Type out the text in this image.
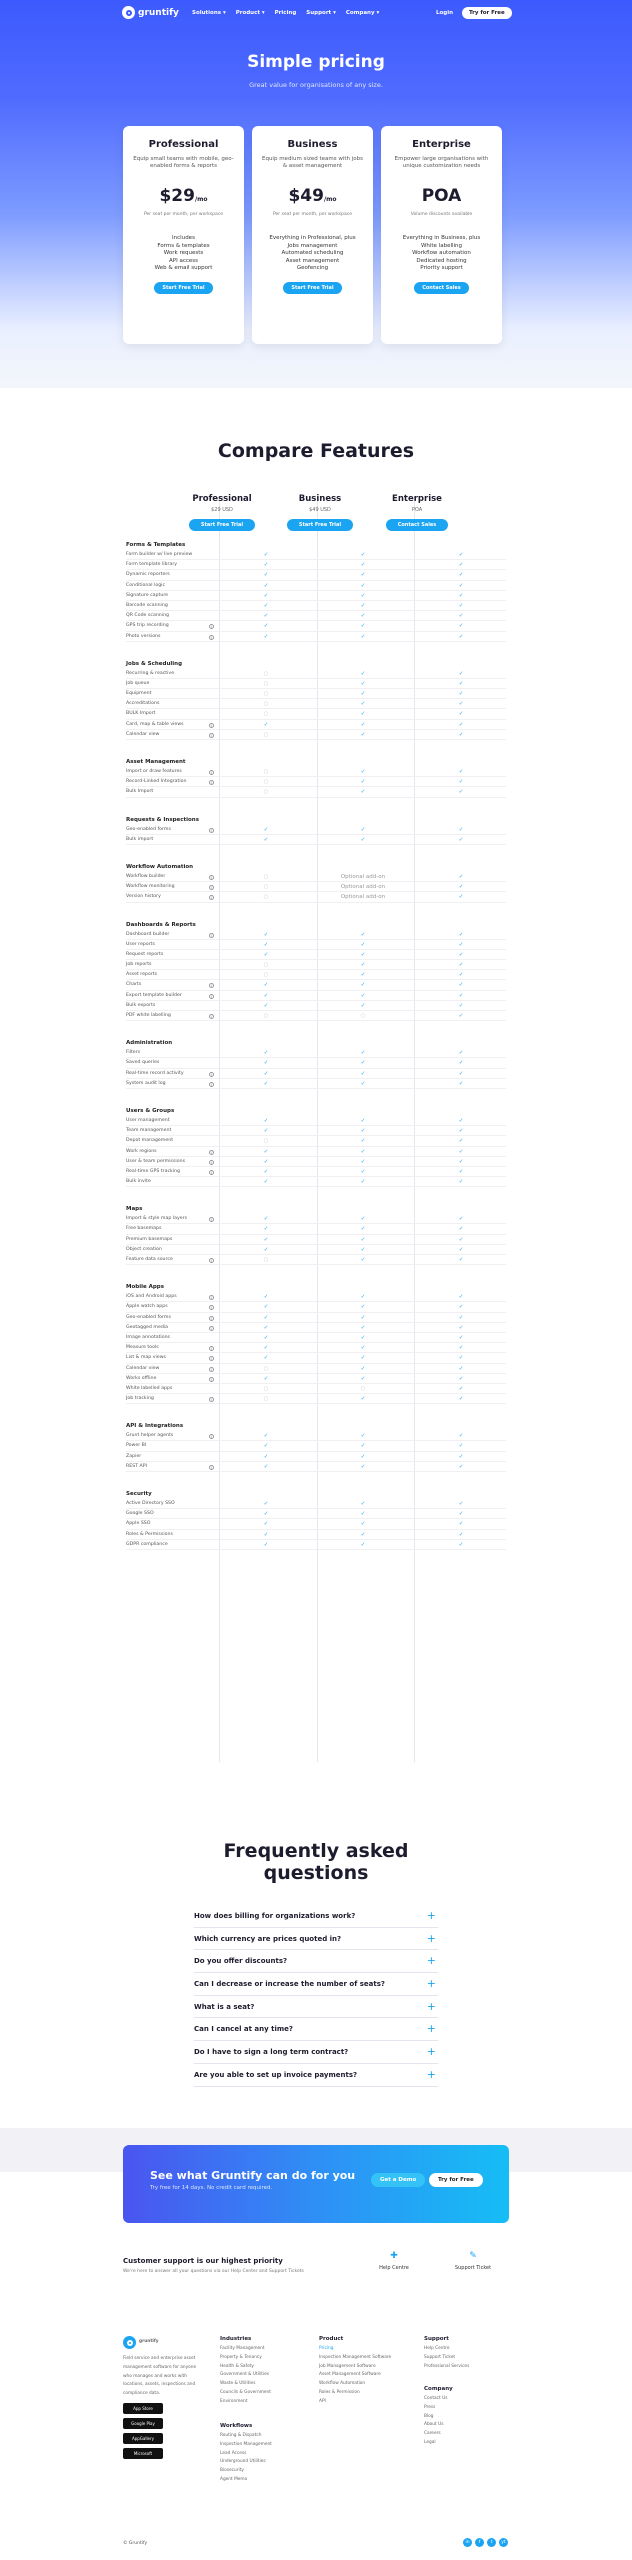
gruntify Solutions ▾ Product ▾ Pricing Support ▾ Company ▾	Login	Try for Free
Simple pricing
Great value for organisations of any size.
Professional
Equip small teams with mobile, geo-enabled forms & reports
$29/mo
Per seat per month, per workspace
Includes
Forms & templates
Work requests
API access
Web & email support
Start Free Trial
Business
Equip medium sized teams with jobs & asset management
$49/mo
Per seat per month, per workspace
Everything in Professional, plus
Jobs management
Automated scheduling
Asset management
Geofencing
Start Free Trial
Enterprise
Empower large organisations with unique customization needs
POA
Volume discounts available
Everything in Business, plus
White labelling
Workflow automation
Dedicated hosting
Priority support
Contact Sales
Compare Features
Professional
$29 USD
Start Free Trial
Business
$49 USD
Start Free Trial
Enterprise
POA
Contact Sales
Forms & Templates
Form builder w/ live preview	✓	✓	✓
Form template library	✓	✓	✓
Dynamic reporters	✓	✓	✓
Conditional logic	✓	✓	✓
Signature capture	✓	✓	✓
Barcode scanning	✓	✓	✓
QR Code scanning	✓	✓	✓
GPS trip recording	i	✓	✓	✓
Photo versions	i	✓	✓	✓
Jobs & Scheduling
Recurring & reactive	○	✓	✓
Job queue	○	✓	✓
Equipment	○	✓	✓
Accreditations	○	✓	✓
BULK Import	○	✓	✓
Card, map & table views	i	✓	✓	✓
Calendar view	i	○	✓	✓
Asset Management
Import or draw features	i	○	✓	✓
Record-Linked Integration	i	○	✓	✓
Bulk Import	○	✓	✓
Requests & Inspections
Geo-enabled forms	i	✓	✓	✓
Bulk import	✓	✓	✓
Workflow Automation
Workflow builder	i	○	Optional add-on	✓
Workflow monitoring	i	○	Optional add-on	✓
Version history	i	○	Optional add-on	✓
Dashboards & Reports
Dashboard builder	i	✓	✓	✓
User reports	✓	✓	✓
Request reports	✓	✓	✓
Job reports	○	✓	✓
Asset reports	○	✓	✓
Charts	i	✓	✓	✓
Export template builder	i	✓	✓	✓
Bulk exports	✓	✓	✓
PDF white labelling	i	○	○	✓
Administration
Filters	✓	✓	✓
Saved queries	✓	✓	✓
Real-time record activity	i	✓	✓	✓
System audit log	i	✓	✓	✓
Users & Groups
User management	✓	✓	✓
Team management	✓	✓	✓
Depot management	○	✓	✓
Work regions	i	✓	✓	✓
User & team permissions	i	✓	✓	✓
Real-time GPS tracking	i	✓	✓	✓
Bulk invite	✓	✓	✓
Maps
Import & style map layers	i	✓	✓	✓
Free basemaps	✓	✓	✓
Premium basemaps	✓	✓	✓
Object creation	✓	✓	✓
Feature data source	i	○	✓	✓
Mobile Apps
iOS and Android apps	i	✓	✓	✓
Apple watch apps	i	✓	✓	✓
Geo-enabled forms	i	✓	✓	✓
Geotagged media	i	✓	✓	✓
Image annotations	✓	✓	✓
Measure tools	i	✓	✓	✓
List & map views	i	✓	✓	✓
Calendar view	i	○	✓	✓
Works offline	i	✓	✓	✓
White labelled apps	○	○	✓
Job tracking	i	○	✓	✓
API & Integrations
Grunt helper agents	i	✓	✓	✓
Power BI	✓	✓	✓
Zapier	✓	✓	✓
REST API	i	✓	✓	✓
Security
Active Directory SSO	✓	✓	✓
Google SSO	✓	✓	✓
Apple SSO	✓	✓	✓
Roles & Permissions	✓	✓	✓
GDPR compliance	✓	✓	✓
Frequently asked
questions
How does billing for organizations work?	+
Which currency are prices quoted in?	+
Do you offer discounts?	+
Can I decrease or increase the number of seats?	+
What is a seat?	+
Can I cancel at any time?	+
Do I have to sign a long term contract?	+
Are you able to set up invoice payments?	+
See what Gruntify can do for you

Try free for 14 days. No credit card required.

Get a Demo	Try for Free
Customer support is our highest priority

We're here to answer all your questions via our Help Center and Support Tickets

✚
Help Centre
✎
Support Ticket
gruntify
Field service and enterprise asset management software for anyone who manages and works with locations, assets, inspections and compliance data.
App Store
Google Play
AppGallery
Microsoft
Industries
Facility Management
Property & Tenancy
Health & Safety
Government & Utilities
Waste & Utilities
Councils & Government
Environment
Workflows
Routing & Dispatch
Inspection Management
Lead Access
Underground Utilities
Biosecurity
Agent Memo
Product
Pricing
Inspection Management Software
Job Management Software
Asset Management Software
Workflow Automation
Roles & Permission
API
Support
Help Centre
Support Ticket
Professional Services
Company
Contact Us
Press
Blog
About Us
Careers
Legal
© Gruntify	in	f	t	yt
